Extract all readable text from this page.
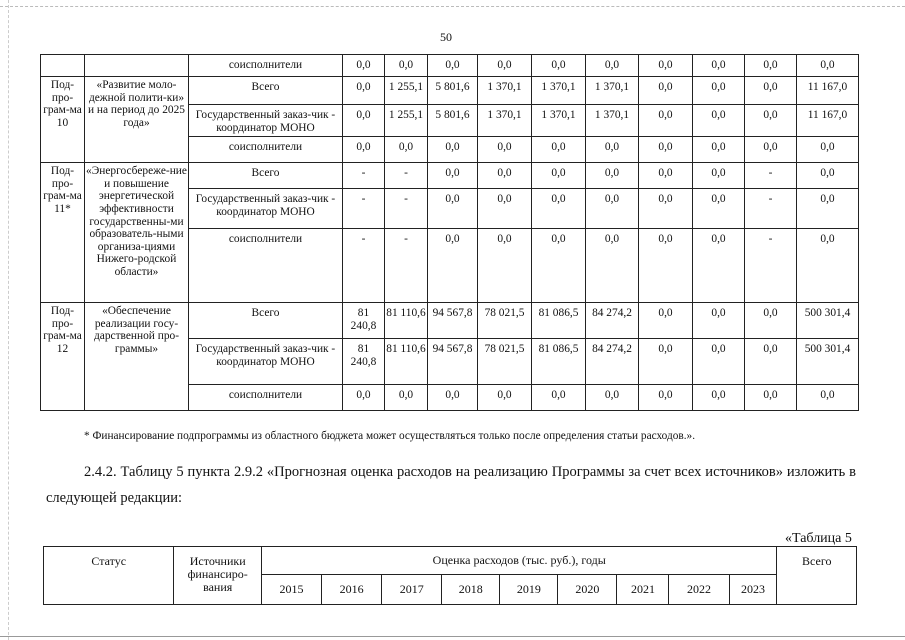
50
		соисполнители	0,0	0,0	0,0	0,0	0,0	0,0	0,0	0,0	0,0	0,0
Под-про-грам-ма 10	«Развитие моло-дежной полити-ки» и на период до 2025 года»	Всего	0,0	1 255,1	5 801,6	1 370,1	1 370,1	1 370,1	0,0	0,0	0,0	11 167,0
		Государственный заказ-чик - координатор МОНО	0,0	1 255,1	5 801,6	1 370,1	1 370,1	1 370,1	0,0	0,0	0,0	11 167,0
		соисполнители	0,0	0,0	0,0	0,0	0,0	0,0	0,0	0,0	0,0	0,0
Под-про-грам-ма 11*	«Энергосбереже-ние и повышение энергетической эффективности государственны-ми образователь-ными организа-циями Нижего-родской области»	Всего	-	-	0,0	0,0	0,0	0,0	0,0	0,0	-	0,0
		Государственный заказ-чик - координатор МОНО	-	-	0,0	0,0	0,0	0,0	0,0	0,0	-	0,0
		соисполнители	-	-	0,0	0,0	0,0	0,0	0,0	0,0	-	0,0
Под-про-грам-ма 12	«Обеспечение реализации госу-дарственной про-граммы»	Всего	81 240,8	81 110,6	94 567,8	78 021,5	81 086,5	84 274,2	0,0	0,0	0,0	500 301,4
		Государственный заказ-чик - координатор МОНО	81 240,8	81 110,6	94 567,8	78 021,5	81 086,5	84 274,2	0,0	0,0	0,0	500 301,4
		соисполнители	0,0	0,0	0,0	0,0	0,0	0,0	0,0	0,0	0,0	0,0
* Финансирование подпрограммы из областного бюджета может осуществляться только после определения статьи расходов.».
2.4.2. Таблицу 5 пункта 2.9.2 «Прогнозная оценка расходов на реализацию Программы за счет всех источников» изложить в следующей редакции:
«Таблица 5
Статус	Источники финансиро-вания	Оценка расходов (тыс. руб.), годы									Всего
		2015	2016	2017	2018	2019	2020	2021	2022	2023	
